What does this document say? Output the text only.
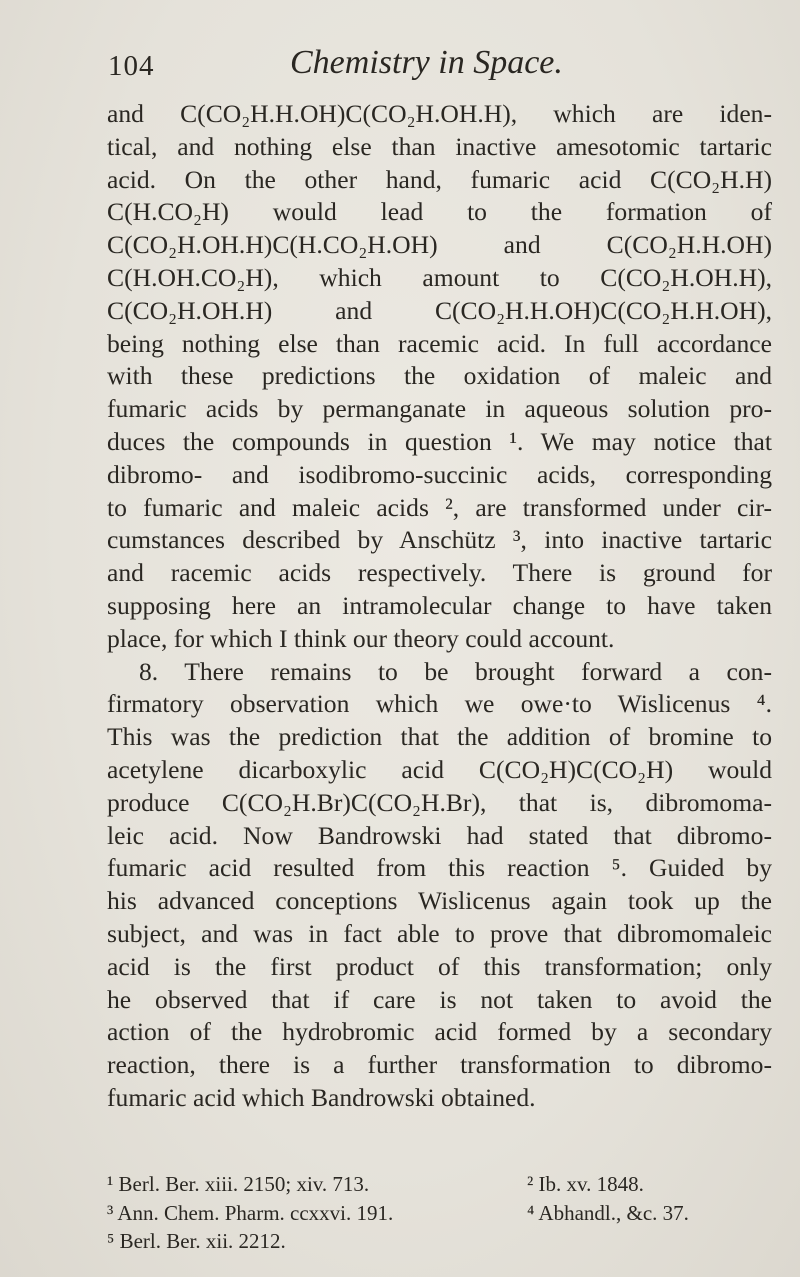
104	Chemistry in Space.
and C(CO₂H.H.OH)C(CO₂H.OH.H), which are iden-
tical, and nothing else than inactive amesotomic tartaric
acid. On the other hand, fumaric acid C(CO₂H.H)
C(H.CO₂H) would lead to the formation of
C(CO₂H.OH.H)C(H.CO₂H.OH) and C(CO₂H.H.OH)
C(H.OH.CO₂H), which amount to C(CO₂H.OH.H),
C(CO₂H.OH.H) and C(CO₂H.H.OH)C(CO₂H.H.OH),
being nothing else than racemic acid. In full accordance
with these predictions the oxidation of maleic and
fumaric acids by permanganate in aqueous solution pro-
duces the compounds in question ¹. We may notice that
dibromo- and isodibromo-succinic acids, corresponding
to fumaric and maleic acids ², are transformed under cir-
cumstances described by Anschütz ³, into inactive tartaric
and racemic acids respectively. There is ground for
supposing here an intramolecular change to have taken
place, for which I think our theory could account.
8. There remains to be brought forward a con-
firmatory observation which we owe·to Wislicenus ⁴.
This was the prediction that the addition of bromine to
acetylene dicarboxylic acid C(CO₂H)C(CO₂H) would
produce C(CO₂H.Br)C(CO₂H.Br), that is, dibromoma-
leic acid. Now Bandrowski had stated that dibromo-
fumaric acid resulted from this reaction ⁵. Guided by
his advanced conceptions Wislicenus again took up the
subject, and was in fact able to prove that dibromomaleic
acid is the first product of this transformation; only
he observed that if care is not taken to avoid the
action of the hydrobromic acid formed by a secondary
reaction, there is a further transformation to dibromo-
fumaric acid which Bandrowski obtained.
¹ Berl. Ber. xiii. 2150; xiv. 713.	² Ib. xv. 1848.
³ Ann. Chem. Pharm. ccxxvi. 191.	⁴ Abhandl., &c. 37.
⁵ Berl. Ber. xii. 2212.
